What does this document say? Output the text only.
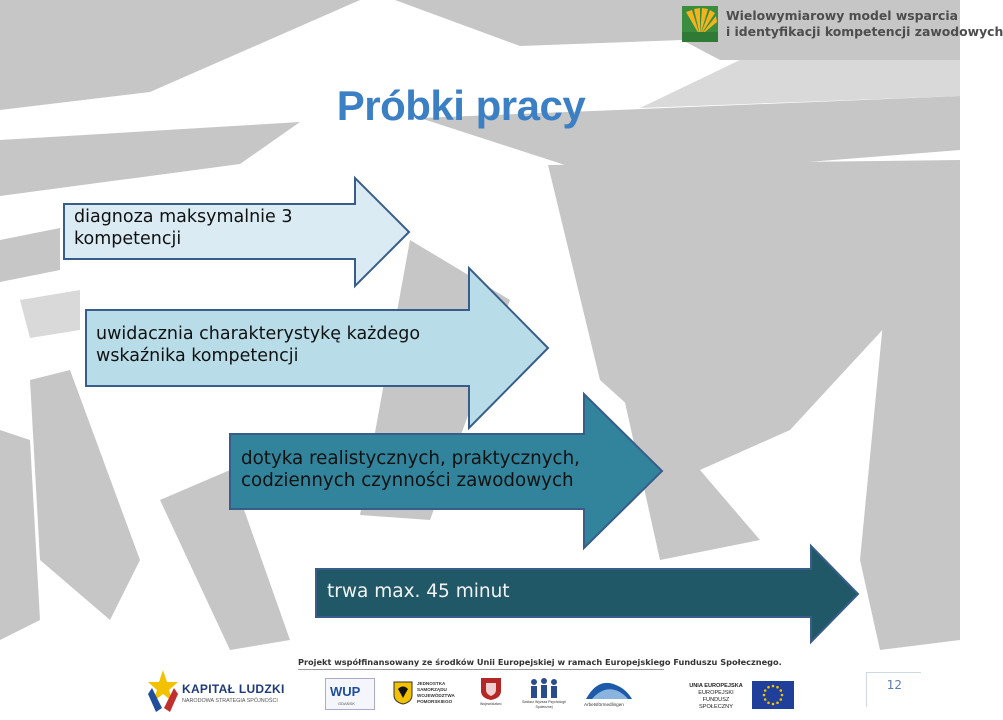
Wielowymiarowy model wsparcia
i identyfikacji kompetencji zawodowych
Próbki pracy
diagnoza maksymalnie 3 kompetencji
uwidacznia charakterystykę każdego wskaźnika kompetencji
dotyka realistycznych, praktycznych, codziennych czynności zawodowych
trwa max. 45 minut
Projekt współfinansowany ze środków Unii Europejskiej w ramach Europejskiego Funduszu Społecznego.
KAPITAŁ LUDZKI
NARODOWA STRATEGIA SPÓJNOŚCI
WUP
GDAŃSK
JEDNOSTKA SAMORZĄDU WOJEWÓDZTWA POMORSKIEGO	Województwo	Sedlarz Wyższa Psychologii Społecznej	Arbetsförmedlingen
UNIA EUROPEJSKA
EUROPEJSKI
FUNDUSZ SPOŁECZNY
12
